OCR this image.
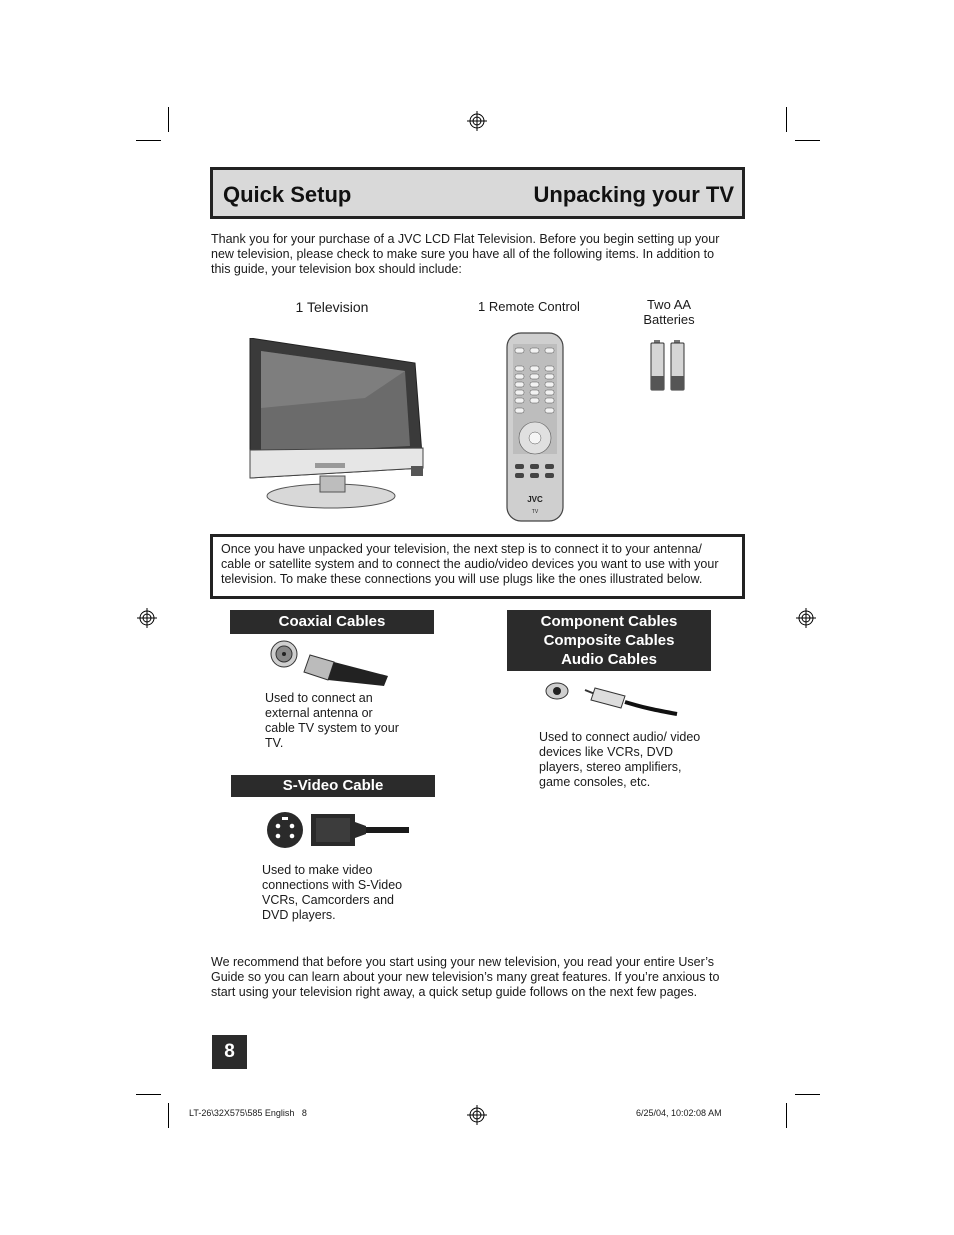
Quick Setup	Unpacking your TV
Thank you for your purchase of a JVC LCD Flat Television. Before you begin setting up your new television, please check to make sure you have all of the following items. In addition to this guide, your television box should include:
1 Television	1 Remote Control	Two AA
Batteries
JVC
TV

Once you have unpacked your television, the next step is to connect it to your antenna/ cable or satellite system and to connect the audio/video devices you want to use with your television. To make these connections you will use plugs like the ones illustrated below.

Coaxial Cables
Used to connect an external antenna or cable TV system to your TV.
Component Cables
Composite Cables
Audio Cables
Used to connect audio/ video devices like VCRs, DVD players, stereo amplifiers, game consoles, etc.
S-Video Cable
Used to make video connections with S-Video VCRs, Camcorders and DVD players.
We recommend that before you start using your new television, you read your entire User’s Guide so you can learn about your new television’s many great features. If you’re anxious to start using your television right away, a quick setup guide follows on the next few pages.
8
LT-26\32X575\585 English   8	6/25/04, 10:02:08 AM
